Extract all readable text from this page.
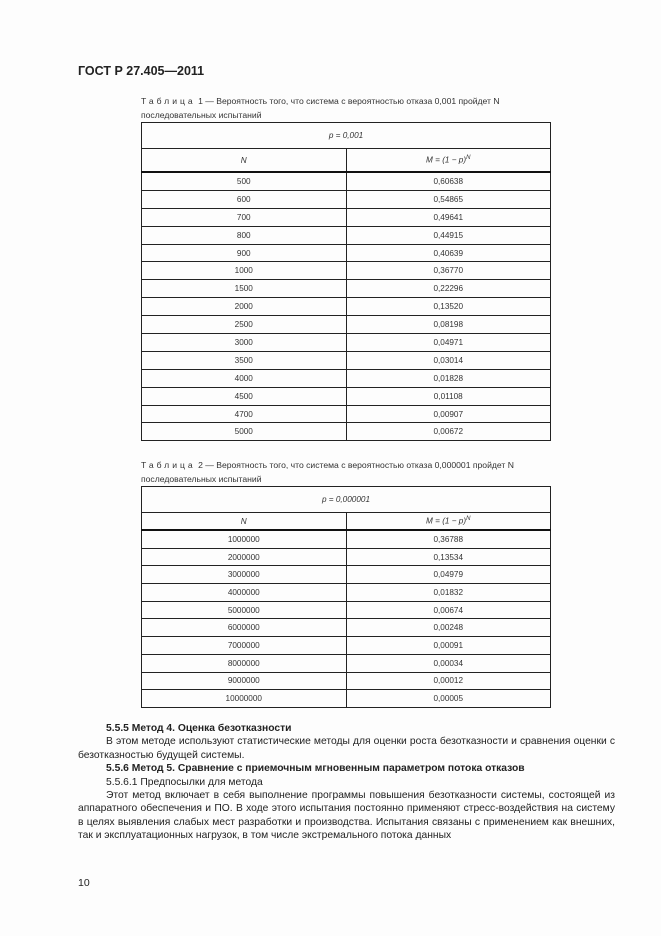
ГОСТ Р 27.405—2011
Таблица 1 — Вероятность того, что система с вероятностью отказа 0,001 пройдет N последовательных испытаний
p = 0,001	
N	$M = (1 - p)^N$
500	0,60638
600	0,54865
700	0,49641
800	0,44915
900	0,40639
1000	0,36770
1500	0,22296
2000	0,13520
2500	0,08198
3000	0,04971
3500	0,03014
4000	0,01828
4500	0,01108
4700	0,00907
5000	0,00672
Таблица 2 — Вероятность того, что система с вероятностью отказа 0,000001 пройдет N последовательных испытаний
p = 0,000001	
N	$M = (1 - p)^N$
1000000	0,36788
2000000	0,13534
3000000	0,04979
4000000	0,01832
5000000	0,00674
6000000	0,00248
7000000	0,00091
8000000	0,00034
9000000	0,00012
10000000	0,00005

5.5.5 Метод 4. Оценка безотказности

В этом методе используют статистические методы для оценки роста безотказности и сравнения оценки с безотказностью будущей системы.

5.5.6 Метод 5. Сравнение с приемочным мгновенным параметром потока отказов

5.5.6.1 Предпосылки для метода

Этот метод включает в себя выполнение программы повышения безотказности системы, состоящей из аппаратного обеспечения и ПО. В ходе этого испытания постоянно применяют стресс-воздействия на систему в целях выявления слабых мест разработки и производства. Испытания связаны с применением как внешних, так и эксплуатационных нагрузок, в том числе экстремального потока данных

10
